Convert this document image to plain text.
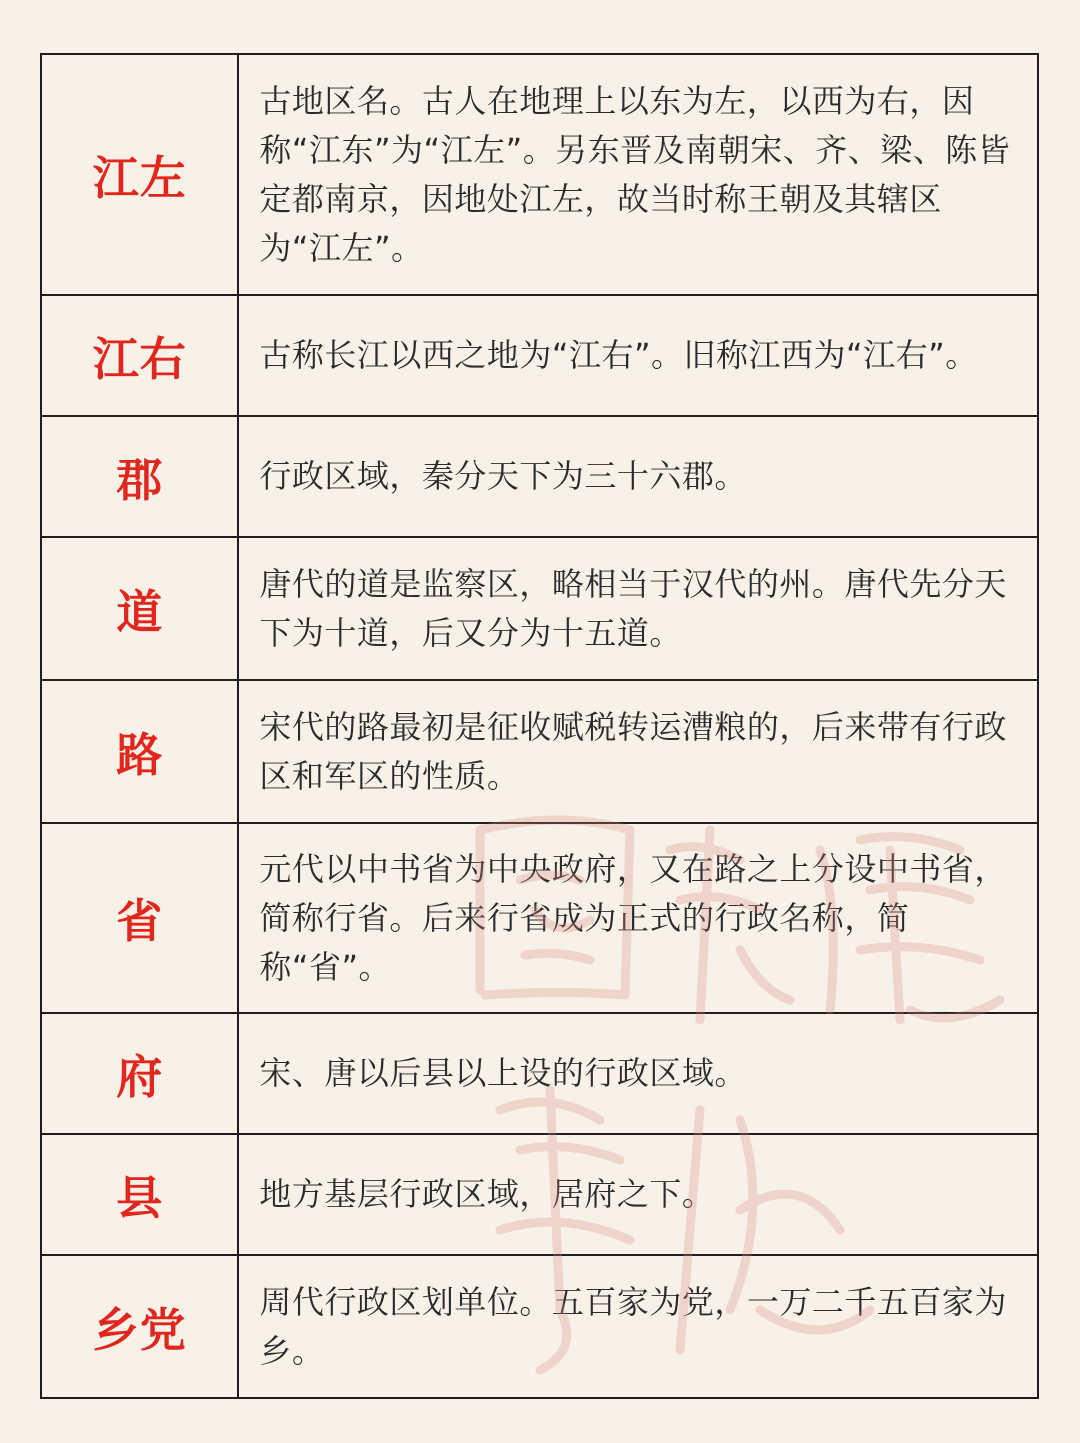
江左	古地区名。古人在地理上以东为左，以西为右，因称“江东”为“江左”。另东晋及南朝宋、齐、梁、陈皆定都南京，因地处江左，故当时称王朝及其辖区为“江左”。
江右	古称长江以西之地为“江右”。旧称江西为“江右”。
郡	行政区域，秦分天下为三十六郡。
道	唐代的道是监察区，略相当于汉代的州。唐代先分天下为十道，后又分为十五道。
路	宋代的路最初是征收赋税转运漕粮的，后来带有行政区和军区的性质。
省	元代以中书省为中央政府，又在路之上分设中书省，简称行省。后来行省成为正式的行政名称，简称“省”。
府	宋、唐以后县以上设的行政区域。
县	地方基层行政区域，居府之下。
乡党	周代行政区划单位。五百家为党，一万二千五百家为乡。
